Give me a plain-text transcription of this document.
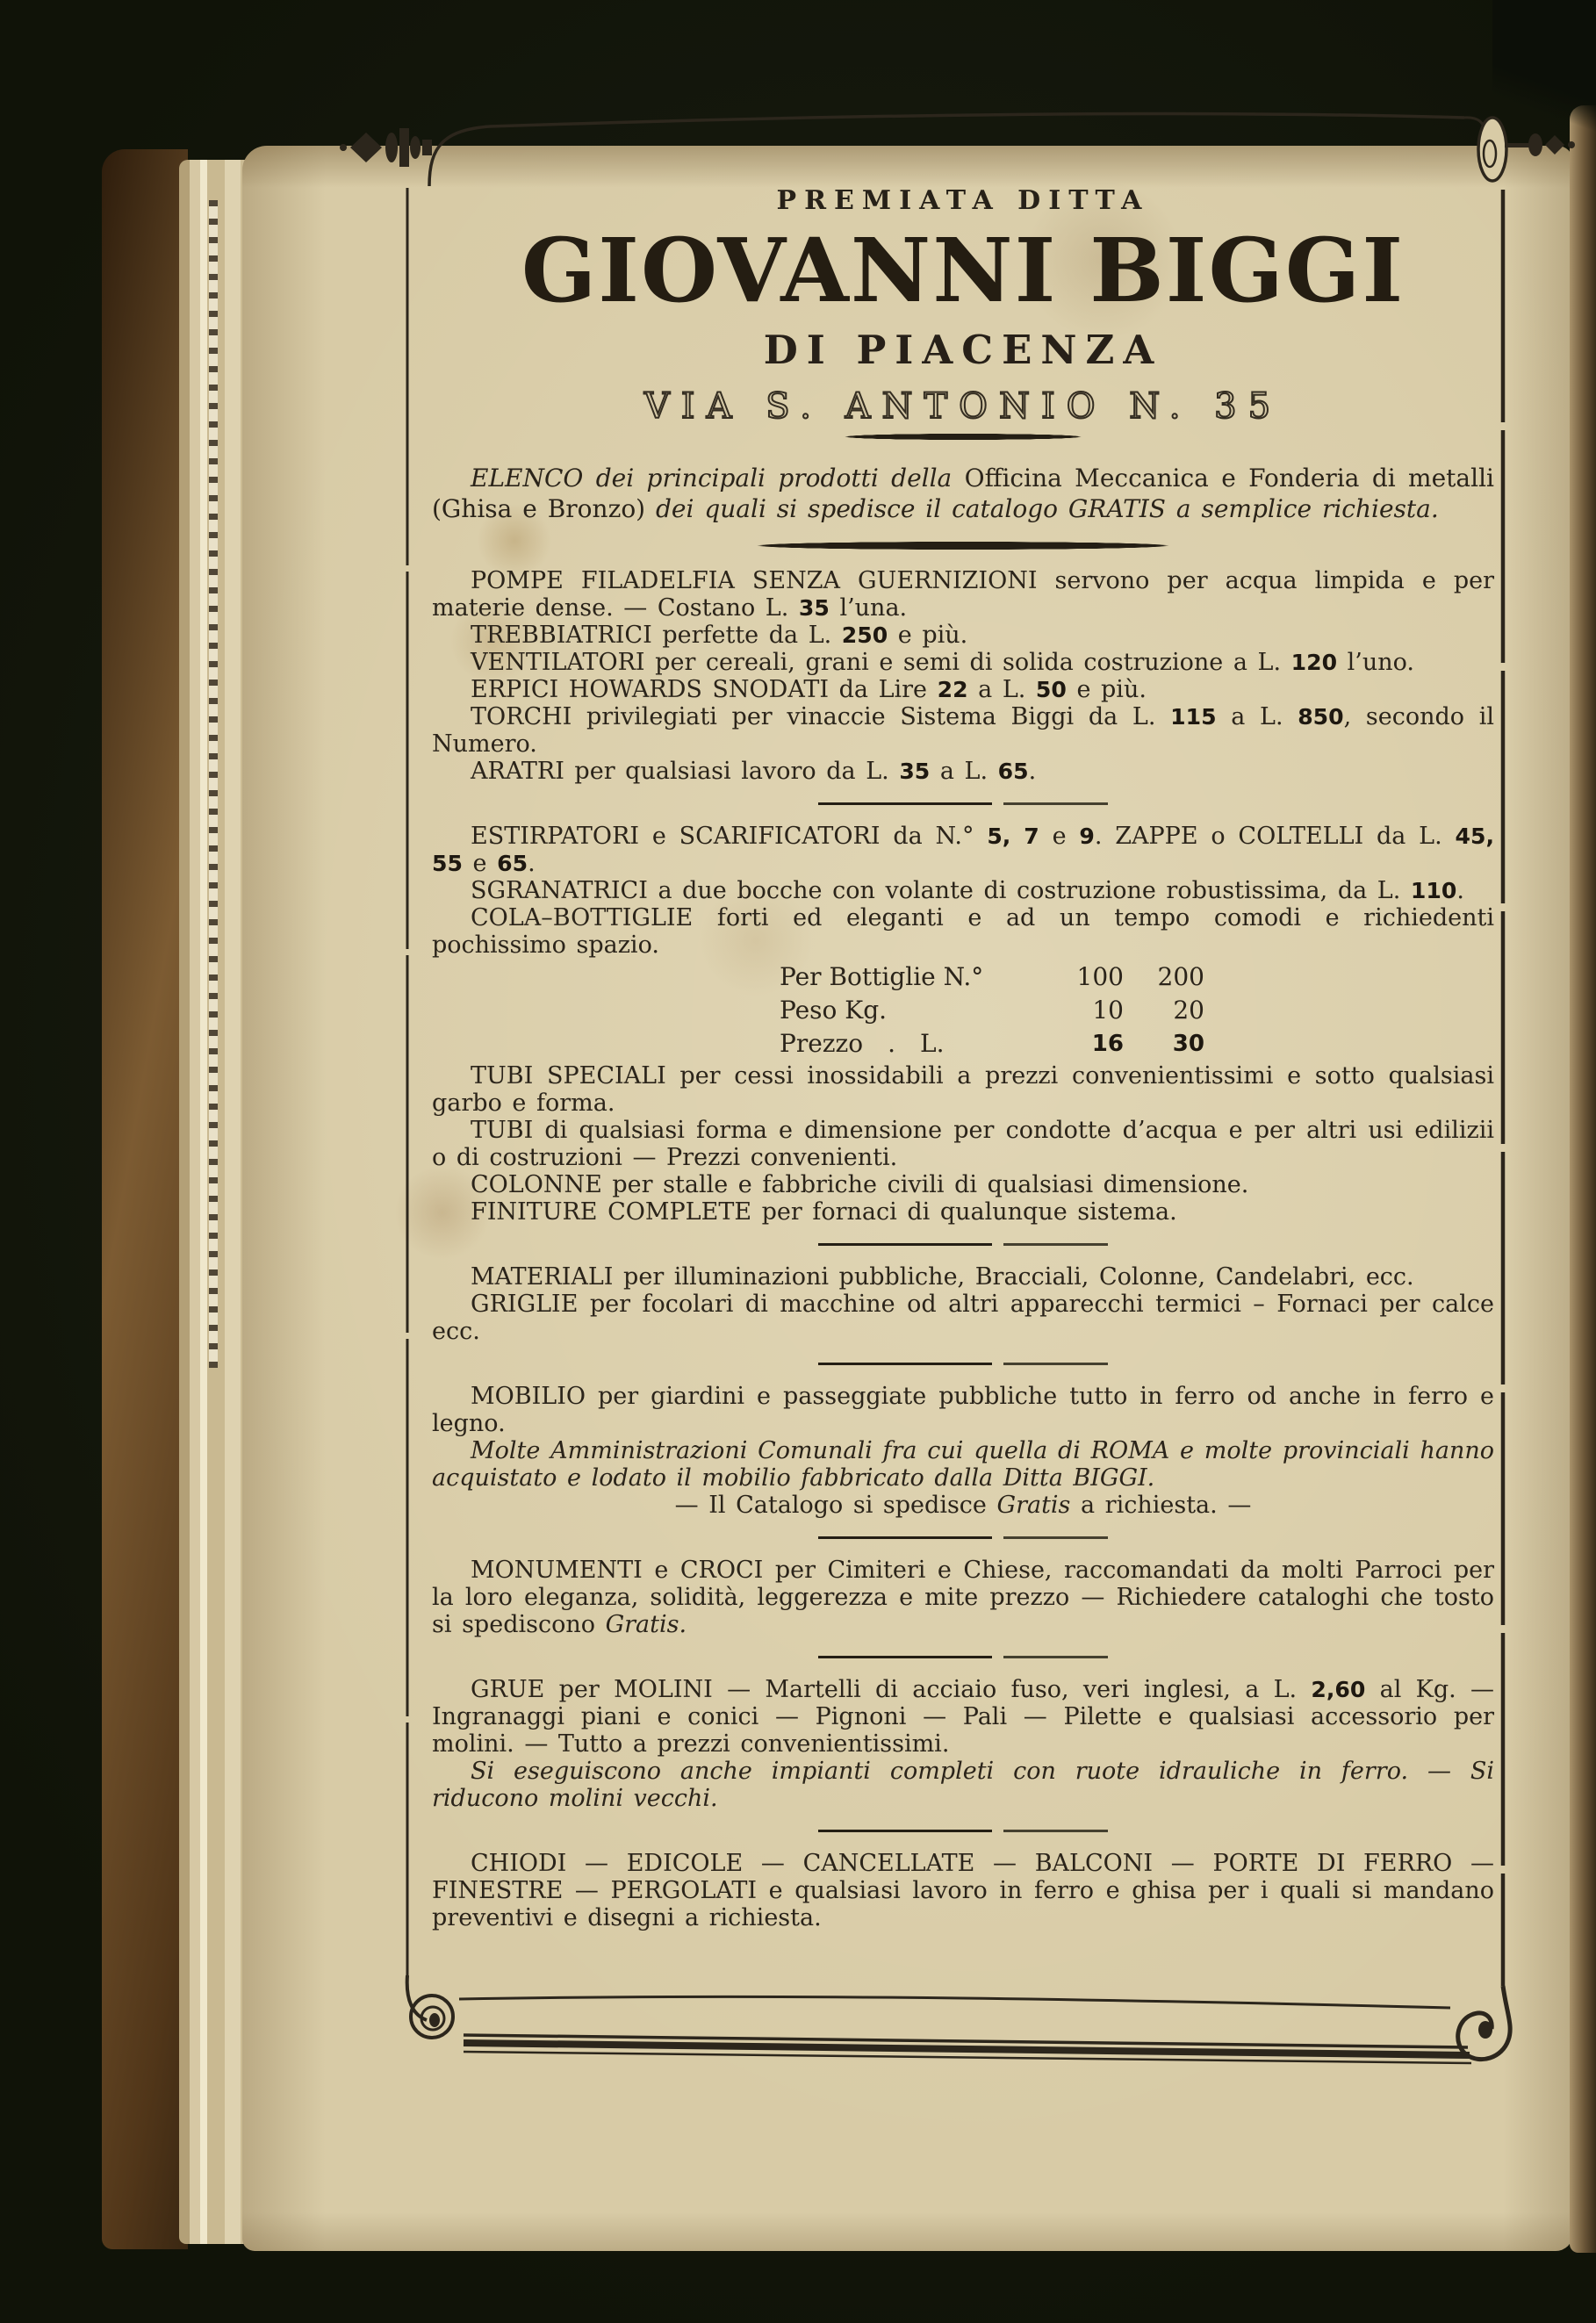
PREMIATA DITTA
GIOVANNI BIGGI
DI PIACENZA
VIA S. ANTONIO N. 35

ELENCO dei principali prodotti della Officina Meccanica e Fonderia di metalli (Ghisa e Bronzo) dei quali si spedisce il catalogo GRATIS a semplice richiesta.

POMPE FILADELFIA SENZA GUERNIZIONI servono per acqua limpida e per materie dense. — Costano L. 35 l’una.

TREBBIATRICI perfette da L. 250 e più.

VENTILATORI per cereali, grani e semi di solida costruzione a L. 120 l’uno.

ERPICI HOWARDS SNODATI da Lire 22 a L. 50 e più.

TORCHI privilegiati per vinaccie Sistema Biggi da L. 115 a L. 850, secondo il Numero.

ARATRI per qualsiasi lavoro da L. 35 a L. 65.

ESTIRPATORI e SCARIFICATORI da N.° 5, 7 e 9. ZAPPE o COLTELLI da L. 45, 55 e 65.

SGRANATRICI a due bocche con volante di costruzione robustissima, da L. 110.

COLA–BOTTIGLIE forti ed eleganti e ad un tempo comodi e richiedenti pochissimo spazio.

Per Bottiglie N.°	100	200
Peso Kg.	10	20
Prezzo  .  L.	16	30

TUBI SPECIALI per cessi inossidabili a prezzi convenientissimi e sotto qualsiasi garbo e forma.

TUBI di qualsiasi forma e dimensione per condotte d’acqua e per altri usi edilizii o di costruzioni — Prezzi convenienti.

COLONNE per stalle e fabbriche civili di qualsiasi dimensione.

FINITURE COMPLETE per fornaci di qualunque sistema.

MATERIALI per illuminazioni pubbliche, Bracciali, Colonne, Candelabri, ecc.

GRIGLIE per focolari di macchine od altri apparecchi termici – Fornaci per calce ecc.

MOBILIO per giardini e passeggiate pubbliche tutto in ferro od anche in ferro e legno.

Molte Amministrazioni Comunali fra cui quella di ROMA e molte provinciali hanno acquistato e lodato il mobilio fabbricato dalla Ditta BIGGI.

— Il Catalogo si spedisce Gratis a richiesta. —

MONUMENTI e CROCI per Cimiteri e Chiese, raccomandati da molti Parroci per la loro eleganza, solidità, leggerezza e mite prezzo — Richiedere cataloghi che tosto si spediscono Gratis.

GRUE per MOLINI — Martelli di acciaio fuso, veri inglesi, a L. 2,60 al Kg. — Ingranaggi piani e conici — Pignoni — Pali — Pilette e qualsiasi accessorio per molini. — Tutto a prezzi convenientissimi.

Si eseguiscono anche impianti completi con ruote idrauliche in ferro. — Si riducono molini vecchi.

CHIODI — EDICOLE — CANCELLATE — BALCONI — PORTE DI FERRO — FINESTRE — PERGOLATI e qualsiasi lavoro in ferro e ghisa per i quali si mandano preventivi e disegni a richiesta.
